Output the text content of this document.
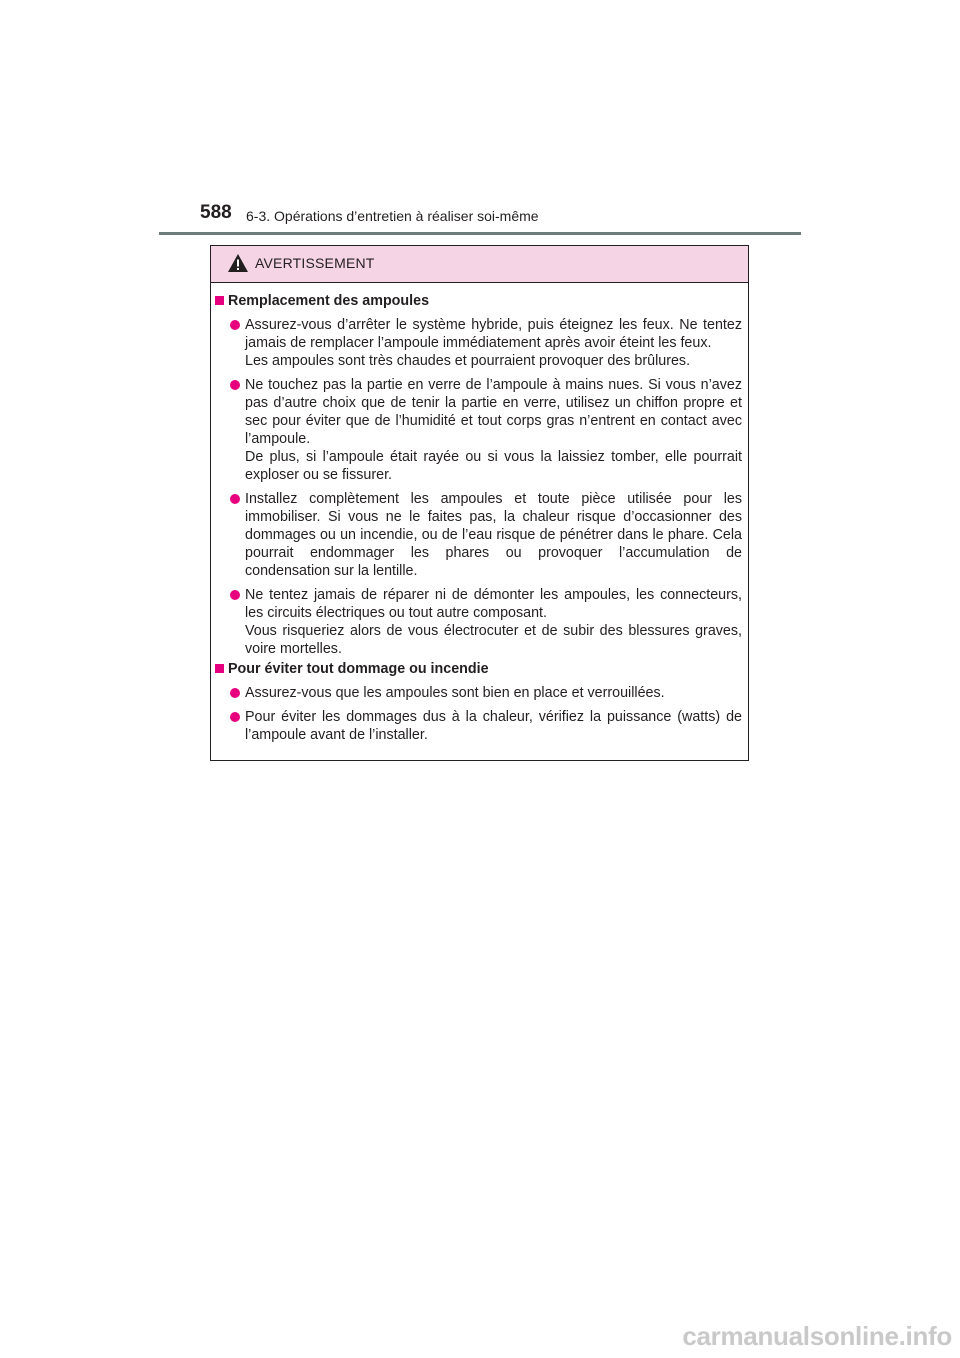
588 6-3. Opérations d’entretien à réaliser soi-même
AVERTISSEMENT
Remplacement des ampoules
Assurez-vous d’arrêter le système hybride, puis éteignez les feux. Ne tentez jamais de remplacer l’ampoule immédiatement après avoir éteint les feux.
Les ampoules sont très chaudes et pourraient provoquer des brûlures.
Ne touchez pas la partie en verre de l’ampoule à mains nues. Si vous n’avez pas d’autre choix que de tenir la partie en verre, utilisez un chiffon propre et sec pour éviter que de l’humidité et tout corps gras n’entrent en contact avec l’ampoule.
De plus, si l’ampoule était rayée ou si vous la laissiez tomber, elle pourrait exploser ou se fissurer.
Installez complètement les ampoules et toute pièce utilisée pour les immobiliser. Si vous ne le faites pas, la chaleur risque d’occasionner des dommages ou un incendie, ou de l’eau risque de pénétrer dans le phare. Cela pourrait endommager les phares ou provoquer l’accumulation de condensation sur la lentille.
Ne tentez jamais de réparer ni de démonter les ampoules, les connecteurs, les circuits électriques ou tout autre composant.
Vous risqueriez alors de vous électrocuter et de subir des blessures graves, voire mortelles.
Pour éviter tout dommage ou incendie
Assurez-vous que les ampoules sont bien en place et verrouillées.
Pour éviter les dommages dus à la chaleur, vérifiez la puissance (watts) de l’ampoule avant de l’installer.
carmanualsonline.info
